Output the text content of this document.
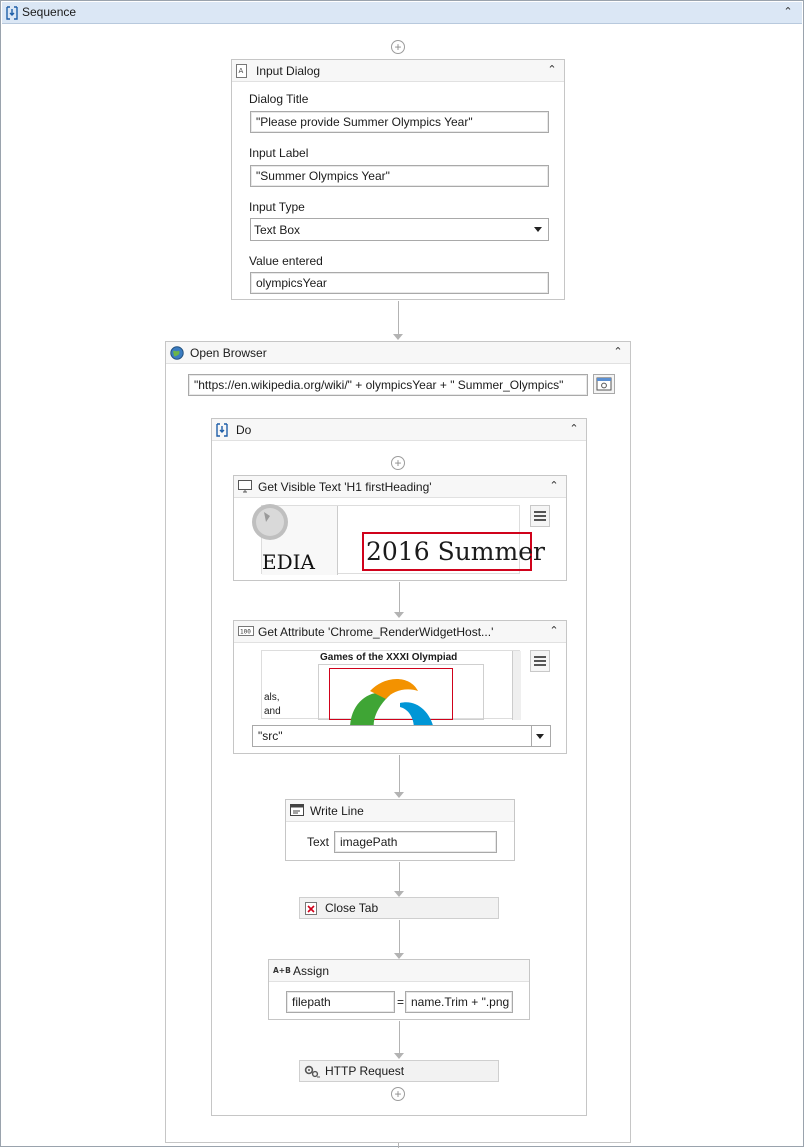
Sequence	⌃
+
A Input Dialog	⌃
Dialog Title
"Please provide Summer Olympics Year"
Input Label
"Summer Olympics Year"
Input Type
Text Box
Value entered
olympicsYear
Open Browser	⌃
"https://en.wikipedia.org/wiki/" + olympicsYear + " Summer_Olympics"
Do	⌃
+
Get Visible Text 'H1 firstHeading'	⌃
EDIA 2016 Summer
100 Get Attribute 'Chrome_RenderWidgetHost...'	⌃
Games of the XXXI Olympiad
als,
and
"src"
Write Line
Text imagePath
Close Tab
A+B Assign
filepath	= name.Trim + ".png
HTTP Request
+
